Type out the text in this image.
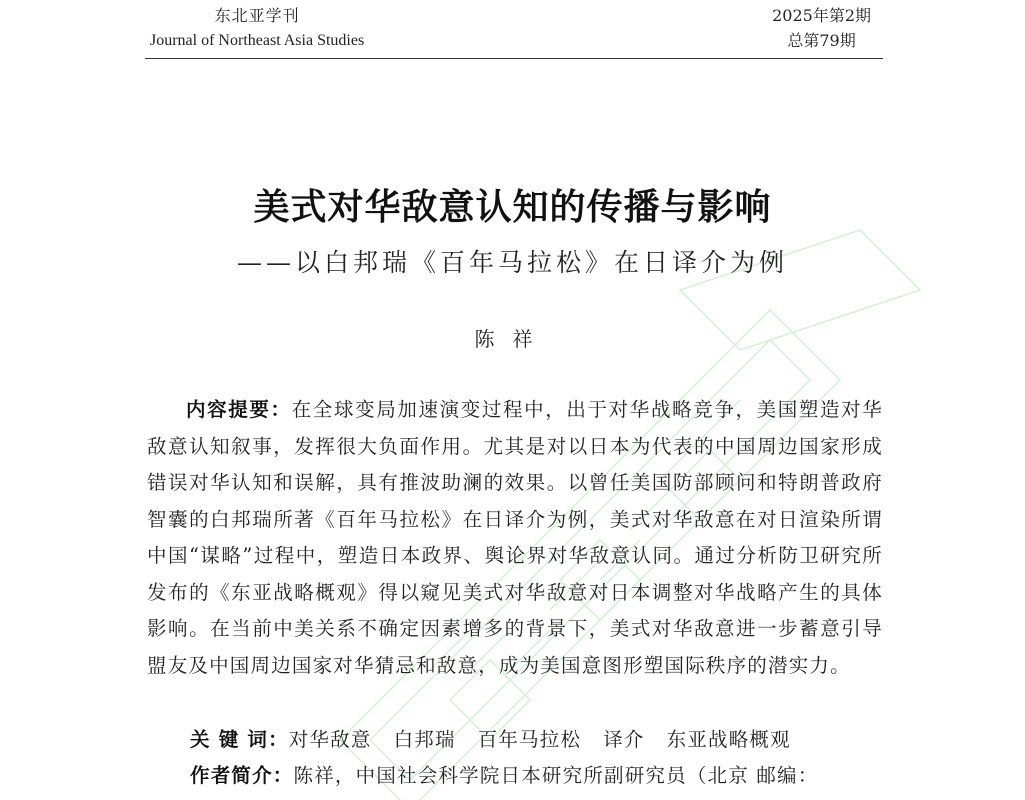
东北亚学刊
Journal of Northeast Asia Studies
2025年第2期
总第79期
美式对华敌意认知的传播与影响
——以白邦瑞《百年马拉松》在日译介为例
陈祥
内容提要：在全球变局加速演变过程中，出于对华战略竞争，美国塑造对华敌意认知叙事，发挥很大负面作用。尤其是对以日本为代表的中国周边国家形成错误对华认知和误解，具有推波助澜的效果。以曾任美国防部顾问和特朗普政府智囊的白邦瑞所著《百年马拉松》在日译介为例，美式对华敌意在对日渲染所谓中国“谋略”过程中，塑造日本政界、舆论界对华敌意认同。通过分析防卫研究所发布的《东亚战略概观》得以窥见美式对华敌意对日本调整对华战略产生的具体影响。在当前中美关系不确定因素增多的背景下，美式对华敌意进一步蓄意引导盟友及中国周边国家对华猜忌和敌意，成为美国意图形塑国际秩序的潜实力。
关 键 词：对华敌意 白邦瑞 百年马拉松 译介 东亚战略概观
作者简介：陈祥，中国社会科学院日本研究所副研究员（北京 邮编：
